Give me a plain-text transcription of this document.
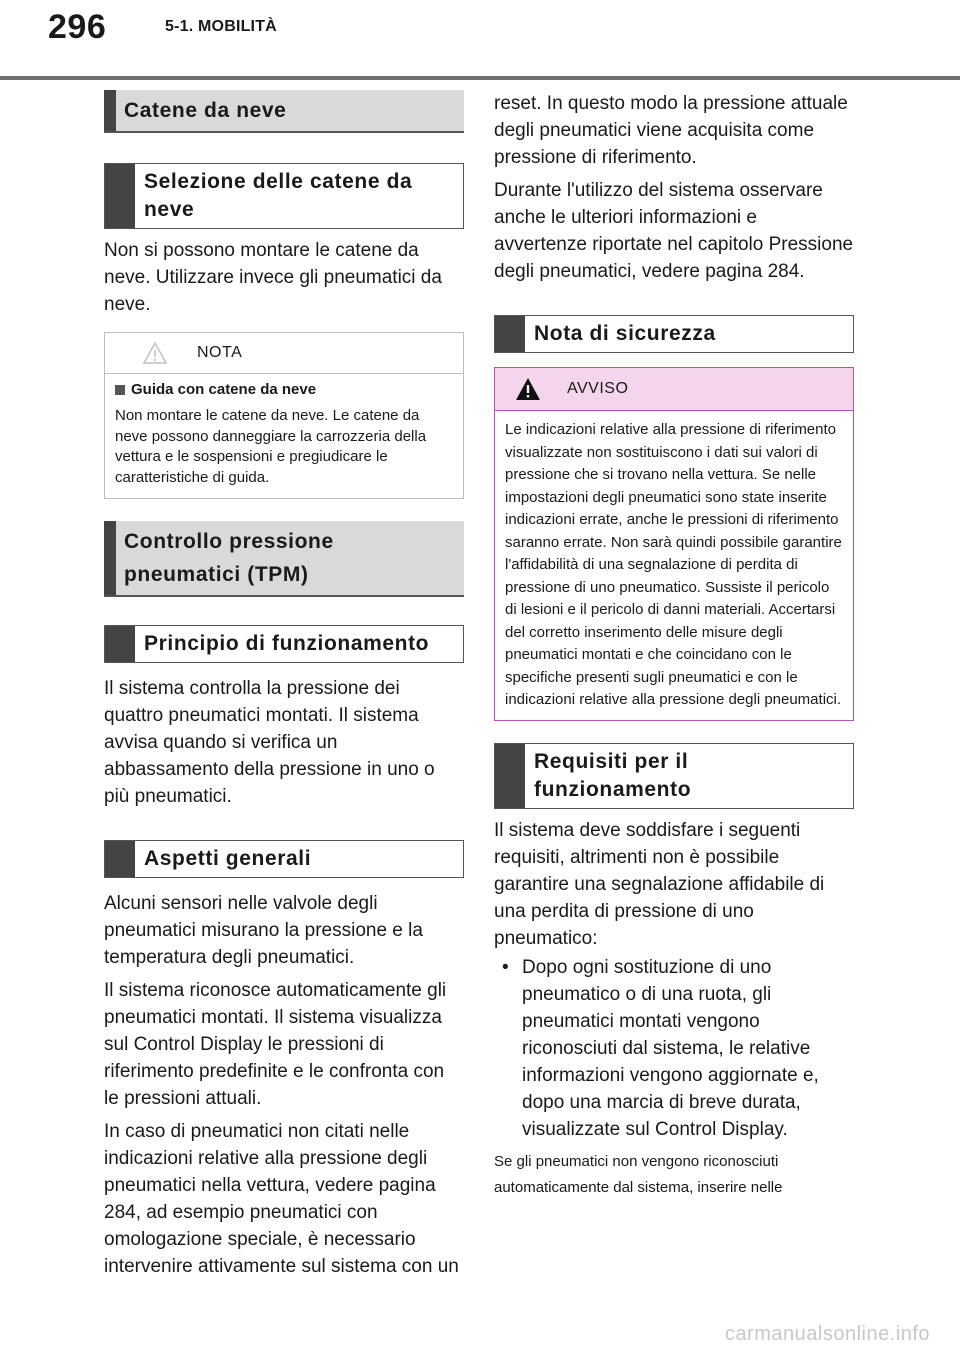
296	5-1. MOBILITÀ
Catene da neve
Selezione delle catene da neve

Non si possono montare le catene da neve. Utilizzare invece gli pneumatici da neve.

NOTA
Guida con catene da neve
Non montare le catene da neve. Le catene da neve possono danneggiare la carrozzeria della vettura e le sospensioni e pregiudicare le caratteristiche di guida.
Controllo pressione pneumatici (TPM)
Principio di funzionamento

Il sistema controlla la pressione dei quattro pneumatici montati. Il sistema avvisa quando si verifica un abbassamento della pressione in uno o più pneumatici.

Aspetti generali

Alcuni sensori nelle valvole degli pneumatici misurano la pressione e la temperatura degli pneumatici.

Il sistema riconosce automaticamente gli pneumatici montati. Il sistema visualizza sul Control Display le pressioni di riferimento predefinite e le confronta con le pressioni attuali.

In caso di pneumatici non citati nelle indicazioni relative alla pressione degli pneumatici nella vettura, vedere pagina 284, ad esempio pneumatici con omologazione speciale, è necessario intervenire attivamente sul sistema con un

reset. In questo modo la pressione attuale degli pneumatici viene acquisita come pressione di riferimento.

Durante l'utilizzo del sistema osservare anche le ulteriori informazioni e avvertenze riportate nel capitolo Pressione degli pneumatici, vedere pagina 284.

Nota di sicurezza
AVVISO
Le indicazioni relative alla pressione di riferimento visualizzate non sostituiscono i dati sui valori di pressione che si trovano nella vettura. Se nelle impostazioni degli pneumatici sono state inserite indicazioni errate, anche le pressioni di riferimento saranno errate. Non sarà quindi possibile garantire l'affidabilità di una segnalazione di perdita di pressione di uno pneumatico. Sussiste il pericolo di lesioni e il pericolo di danni materiali. Accertarsi del corretto inserimento delle misure degli pneumatici montati e che coincidano con le specifiche presenti sugli pneumatici e con le indicazioni relative alla pressione degli pneumatici.
Requisiti per il funzionamento

Il sistema deve soddisfare i seguenti requisiti, altrimenti non è possibile garantire una segnalazione affidabile di una perdita di pressione di uno pneumatico:

• Dopo ogni sostituzione di uno pneumatico o di una ruota, gli pneumatici montati vengono riconosciuti dal sistema, le relative informazioni vengono aggiornate e, dopo una marcia di breve durata, visualizzate sul Control Display.

Se gli pneumatici non vengono riconosciuti automaticamente dal sistema, inserire nelle

carmanualsonline.info
